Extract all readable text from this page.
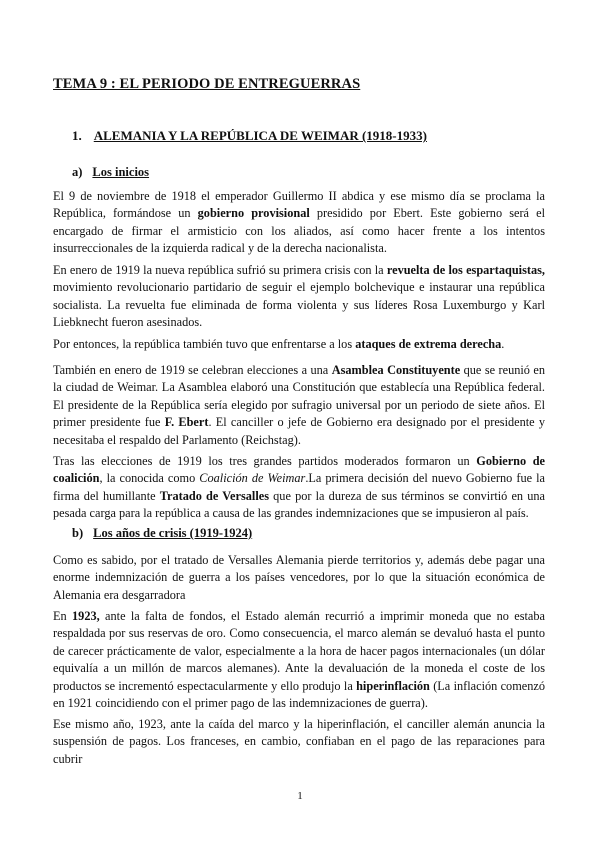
TEMA 9 : EL PERIODO DE ENTREGUERRAS
1. ALEMANIA Y LA REPÚBLICA DE WEIMAR (1918-1933)
a) Los inicios

El 9 de noviembre de 1918 el emperador Guillermo II abdica y ese mismo día se proclama la República, formándose un gobierno provisional presidido por Ebert. Este gobierno será el encargado de firmar el armisticio con los aliados, así como hacer frente a los intentos insurreccionales de la izquierda radical y de la derecha nacionalista.

En enero de 1919 la nueva república sufrió su primera crisis con la revuelta de los espartaquistas, movimiento revolucionario partidario de seguir el ejemplo bolchevique e instaurar una república socialista. La revuelta fue eliminada de forma violenta y sus líderes Rosa Luxemburgo y Karl Liebknecht fueron asesinados.

Por entonces, la república también tuvo que enfrentarse a los ataques de extrema derecha.

También en enero de 1919 se celebran elecciones a una Asamblea Constituyente que se reunió en la ciudad de Weimar. La Asamblea elaboró una Constitución que establecía una República federal. El presidente de la República sería elegido por sufragio universal por un periodo de siete años. El primer presidente fue F. Ebert. El canciller o jefe de Gobierno era designado por el presidente y necesitaba el respaldo del Parlamento (Reichstag).

Tras las elecciones de 1919 los tres grandes partidos moderados formaron un Gobierno de coalición, la conocida como Coalición de Weimar.La primera decisión del nuevo Gobierno fue la firma del humillante Tratado de Versalles que por la dureza de sus términos se convirtió en una pesada carga para la república a causa de las grandes indemnizaciones que se impusieron al país.

b) Los años de crisis (1919-1924)

Como es sabido, por el tratado de Versalles Alemania pierde territorios y, además debe pagar una enorme indemnización de guerra a los países vencedores, por lo que la situación económica de Alemania era desgarradora

En 1923, ante la falta de fondos, el Estado alemán recurrió a imprimir moneda que no estaba respaldada por sus reservas de oro. Como consecuencia, el marco alemán se devaluó hasta el punto de carecer prácticamente de valor, especialmente a la hora de hacer pagos internacionales (un dólar equivalía a un millón de marcos alemanes). Ante la devaluación de la moneda el coste de los productos se incrementó espectacularmente y ello produjo la hiperinflación (La inflación comenzó en 1921 coincidiendo con el primer pago de las indemnizaciones de guerra).

Ese mismo año, 1923, ante la caída del marco y la hiperinflación, el canciller alemán anuncia la suspensión de pagos. Los franceses, en cambio, confiaban en el pago de las reparaciones para cubrir

1
